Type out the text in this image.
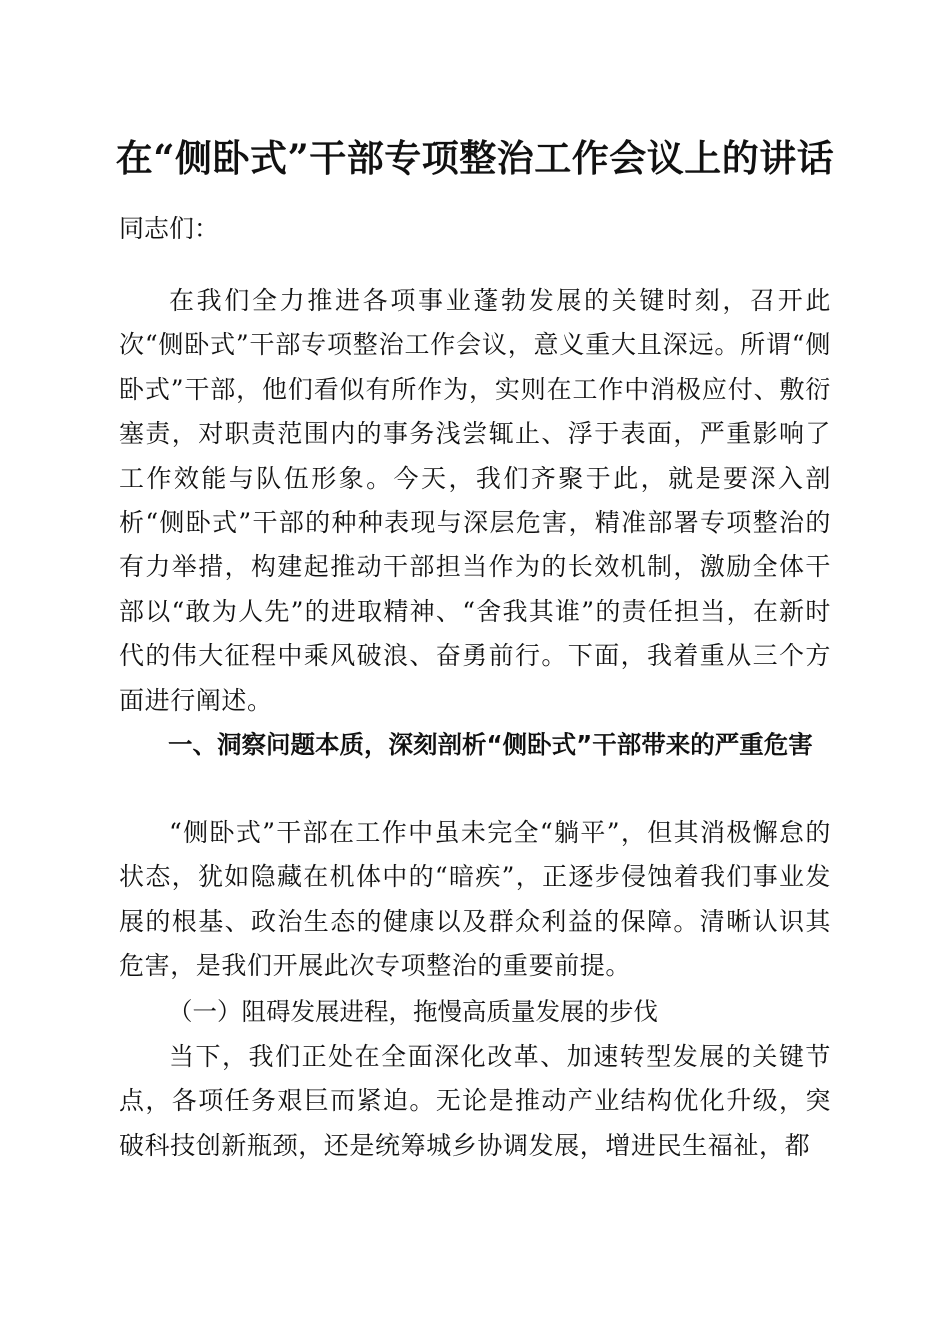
在“侧卧式”干部专项整治工作会议上的讲话

同志们：

在我们全力推进各项事业蓬勃发展的关键时刻，召开此次“侧卧式”干部专项整治工作会议，意义重大且深远。所谓“侧卧式”干部，他们看似有所作为，实则在工作中消极应付、敷衍塞责，对职责范围内的事务浅尝辄止、浮于表面，严重影响了工作效能与队伍形象。今天，我们齐聚于此，就是要深入剖析“侧卧式”干部的种种表现与深层危害，精准部署专项整治的有力举措，构建起推动干部担当作为的长效机制，激励全体干部以“敢为人先”的进取精神、“舍我其谁”的责任担当，在新时代的伟大征程中乘风破浪、奋勇前行。下面，我着重从三个方面进行阐述。

一、洞察问题本质，深刻剖析“侧卧式”干部带来的严重危害

“侧卧式”干部在工作中虽未完全“躺平”，但其消极懈怠的状态，犹如隐藏在机体中的“暗疾”，正逐步侵蚀着我们事业发展的根基、政治生态的健康以及群众利益的保障。清晰认识其危害，是我们开展此次专项整治的重要前提。

（一）阻碍发展进程，拖慢高质量发展的步伐

当下，我们正处在全面深化改革、加速转型发展的关键节点，各项任务艰巨而紧迫。无论是推动产业结构优化升级，突破科技创新瓶颈，还是统筹城乡协调发展，增进民生福祉，都
